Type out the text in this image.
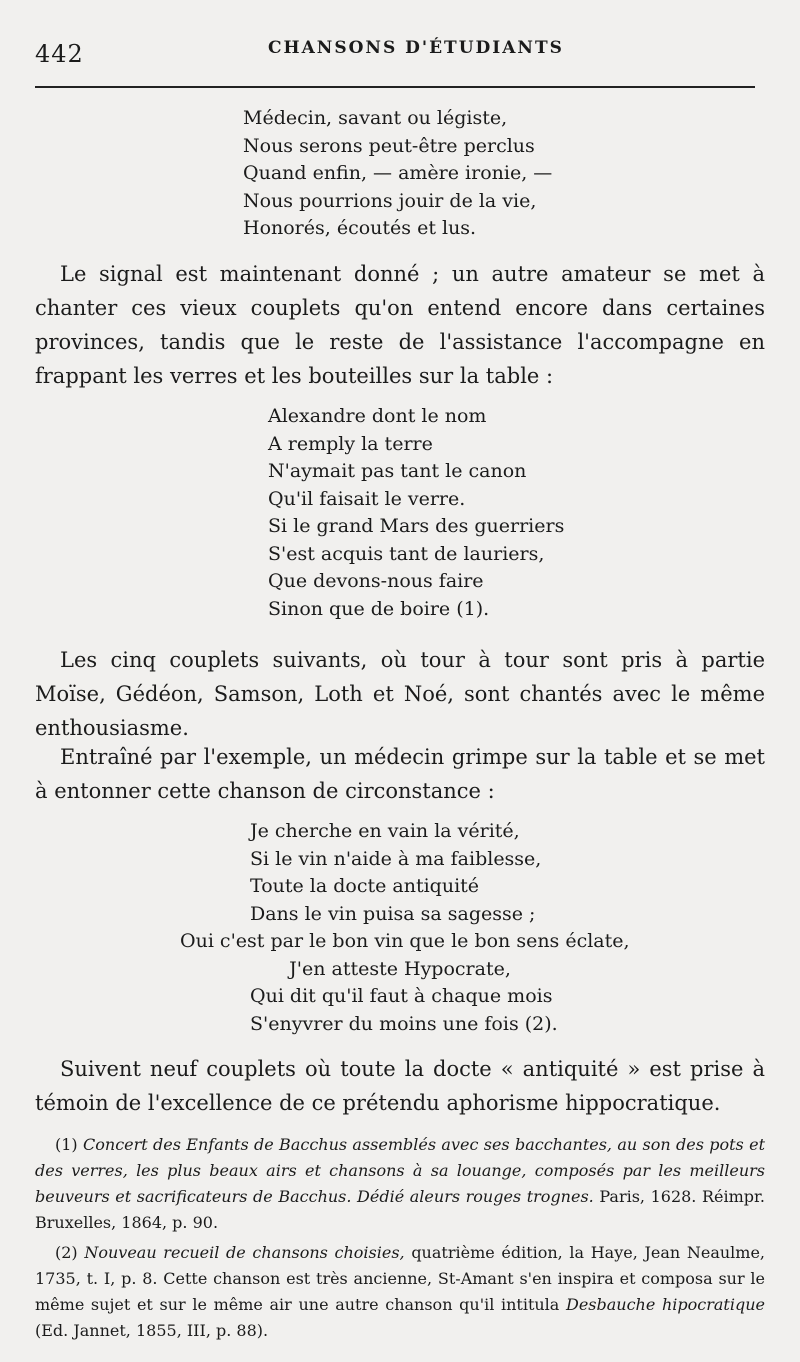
442	CHANSONS D'ÉTUDIANTS
Médecin, savant ou légiste,
Nous serons peut-être perclus
Quand enfin, — amère ironie, —
Nous pourrions jouir de la vie,
Honorés, écoutés et lus.

Le signal est maintenant donné ; un autre amateur se met à chanter ces vieux couplets qu'on entend encore dans certaines provinces, tandis que le reste de l'assistance l'accompagne en frappant les verres et les bouteilles sur la table :

Alexandre dont le nom
A remply la terre
N'aymait pas tant le canon
Qu'il faisait le verre.
Si le grand Mars des guerriers
S'est acquis tant de lauriers,
Que devons-nous faire
Sinon que de boire (1).

Les cinq couplets suivants, où tour à tour sont pris à partie Moïse, Gédéon, Samson, Loth et Noé, sont chantés avec le même enthousiasme.

Entraîné par l'exemple, un médecin grimpe sur la table et se met à entonner cette chanson de circonstance :

Je cherche en vain la vérité,
Si le vin n'aide à ma faiblesse,
Toute la docte antiquité
Dans le vin puisa sa sagesse ;
Oui c'est par le bon vin que le bon sens éclate,
J'en atteste Hypocrate,
Qui dit qu'il faut à chaque mois
S'enyvrer du moins une fois (2).

Suivent neuf couplets où toute la docte « antiquité » est prise à témoin de l'excellence de ce prétendu aphorisme hippocratique.

(1) Concert des Enfants de Bacchus assemblés avec ses bacchantes, au son des pots et des verres, les plus beaux airs et chansons à sa louange, composés par les meilleurs beuveurs et sacrificateurs de Bacchus. Dédié aleurs rouges trognes. Paris, 1628. Réimpr. Bruxelles, 1864, p. 90.

(2) Nouveau recueil de chansons choisies, quatrième édition, la Haye, Jean Neaulme, 1735, t. I, p. 8. Cette chanson est très ancienne, St-Amant s'en inspira et composa sur le même sujet et sur le même air une autre chanson qu'il intitula Desbauche hipocratique (Ed. Jannet, 1855, III, p. 88).
